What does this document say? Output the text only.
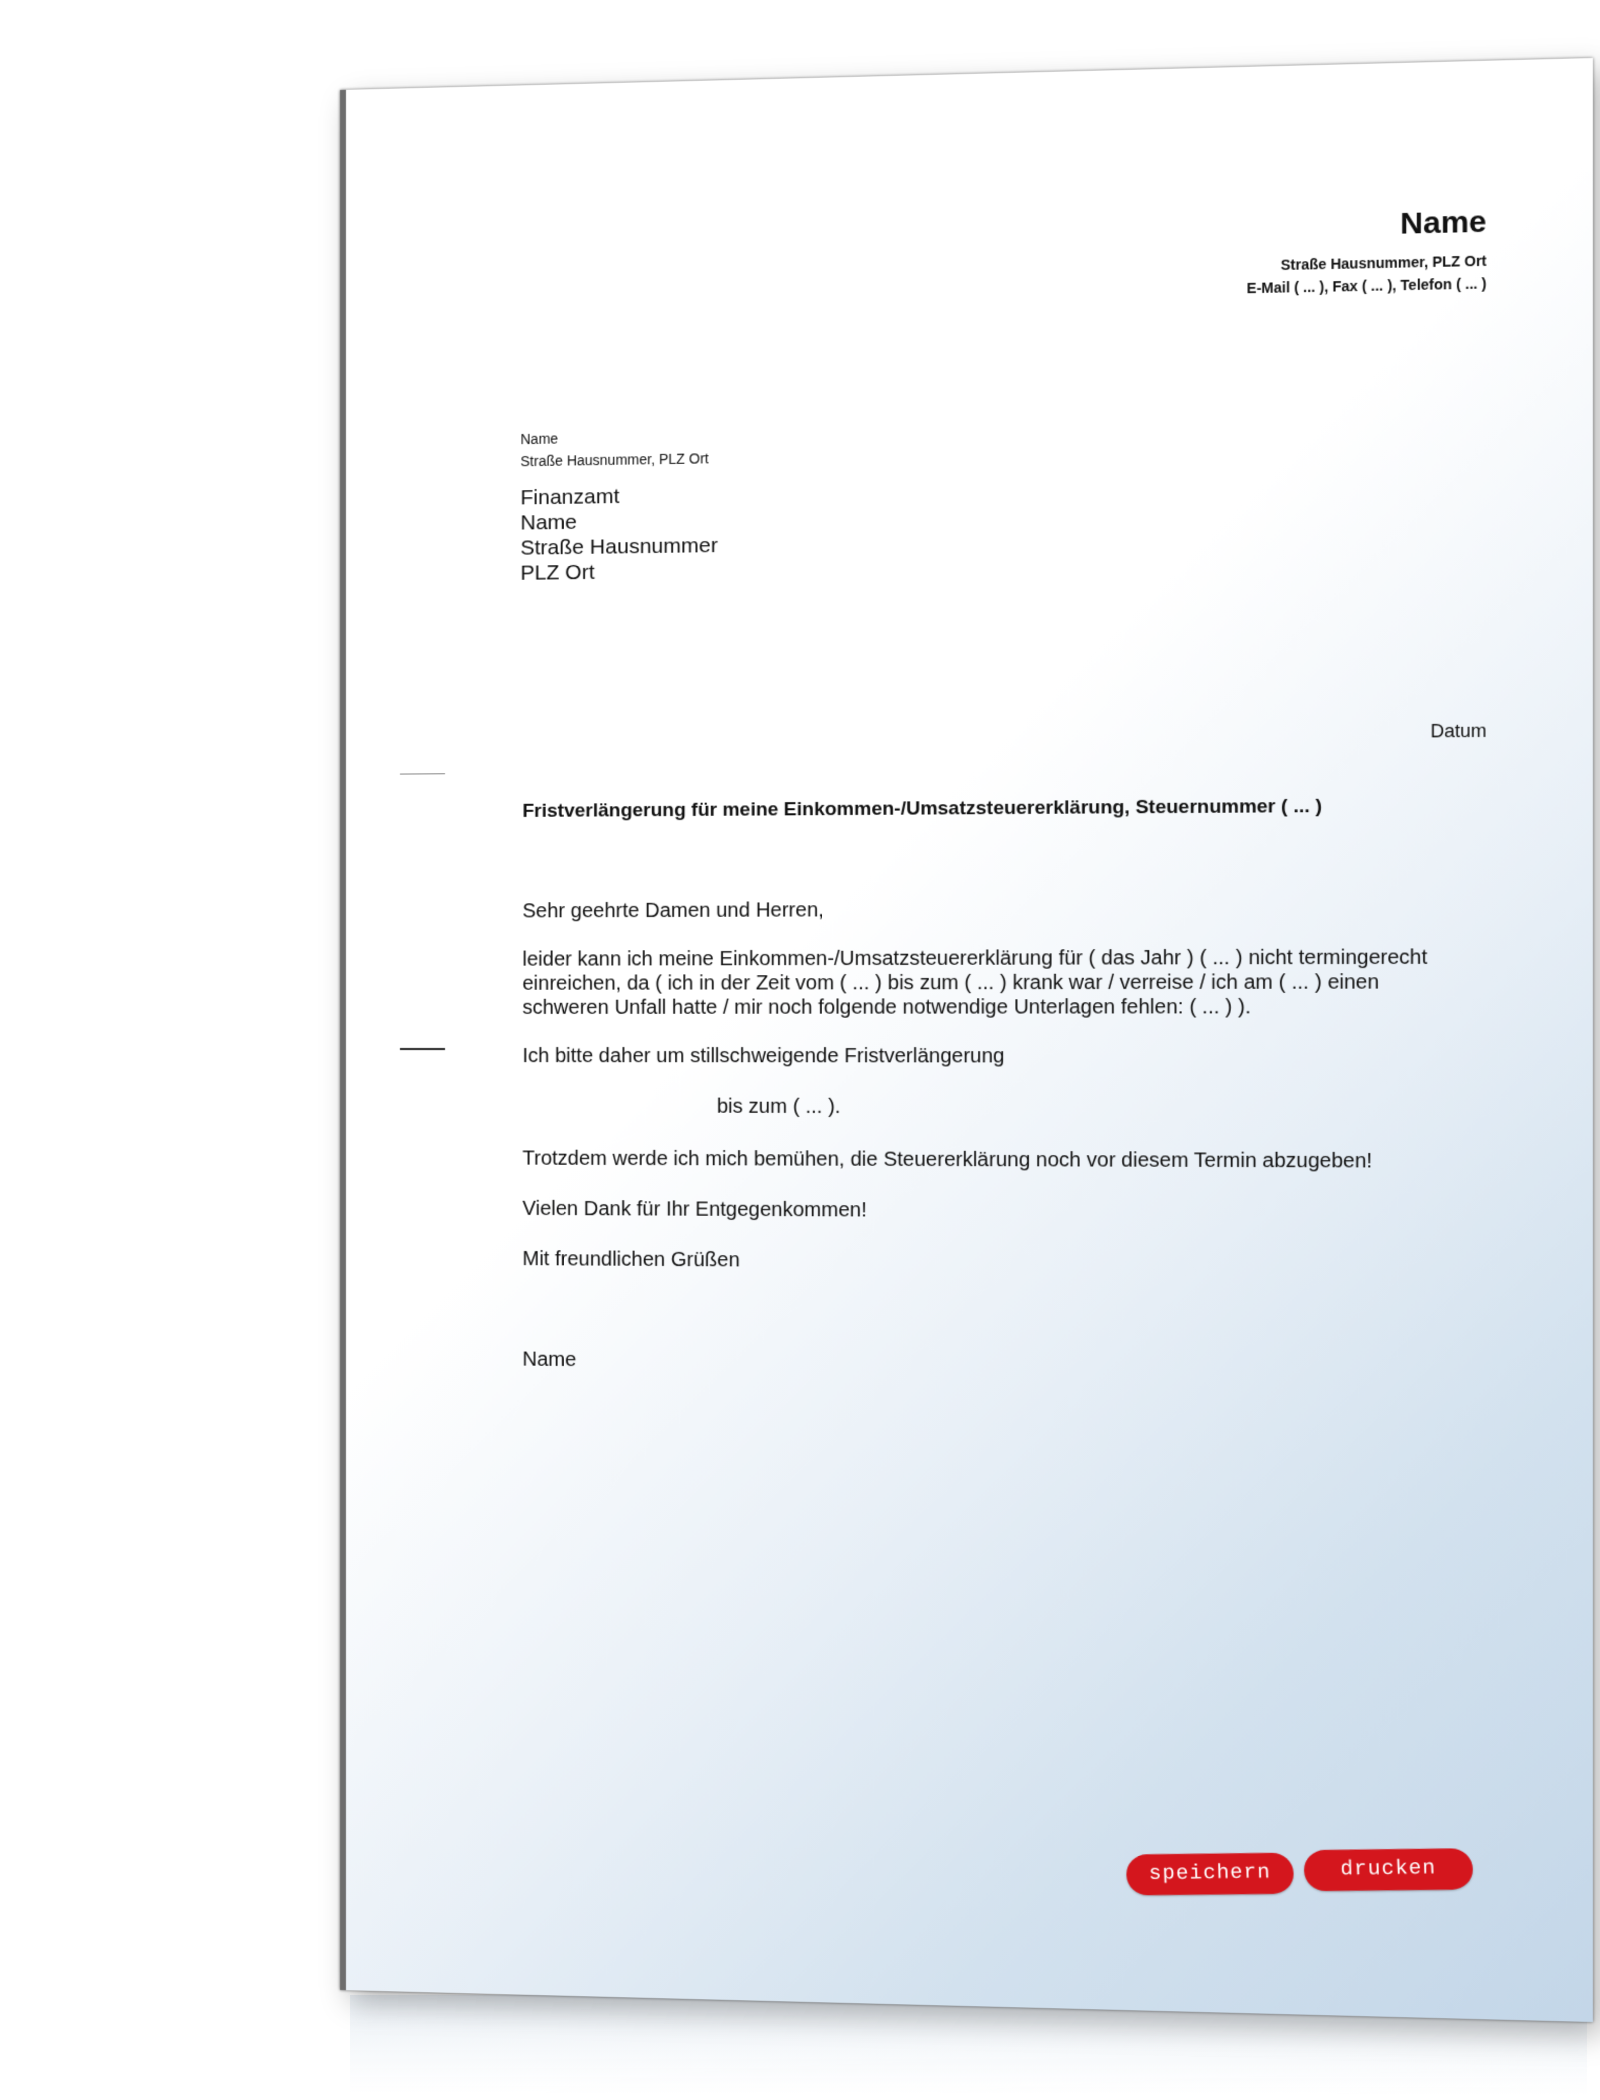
Name
Straße Hausnummer, PLZ Ort
E-Mail ( ... ), Fax ( ... ), Telefon ( ... )
Name
Straße Hausnummer, PLZ Ort
Finanzamt
Name
Straße Hausnummer
PLZ Ort
Datum
Fristverlängerung für meine Einkommen-/Umsatzsteuererklärung, Steuernummer ( ... )
Sehr geehrte Damen und Herren,
leider kann ich meine Einkommen-/Umsatzsteuererklärung für ( das Jahr ) ( ... ) nicht termingerecht
einreichen, da ( ich in der Zeit vom ( ... ) bis zum ( ... ) krank war / verreise / ich am ( ... ) einen
schweren Unfall hatte / mir noch folgende notwendige Unterlagen fehlen: ( ... ) ).
Ich bitte daher um stillschweigende Fristverlängerung
bis zum ( ... ).
Trotzdem werde ich mich bemühen, die Steuererklärung noch vor diesem Termin abzugeben!
Vielen Dank für Ihr Entgegenkommen!
Mit freundlichen Grüßen
Name
speichern	drucken
